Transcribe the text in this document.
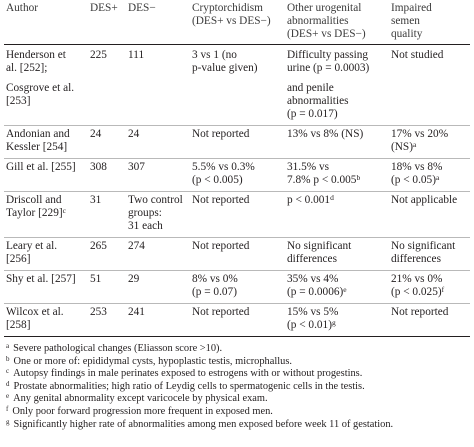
Author	DES+	DES−	Cryptorchidism
(DES+ vs DES−)	Other urogenital
abnormalities
(DES+ vs DES−)	Impaired
semen
quality

Henderson et
al. [252];
Cosgrove et al.
[253]	225	111	3 vs 1 (no
p-value given)	Difficulty passing
urine (p = 0.0003)
and penile
abnormalities
(p = 0.017)	Not studied

Andonian and
Kessler [254]	24	24	Not reported	13% vs 8% (NS)	17% vs 20%
(NS)$^a$

Gill et al. [255]	308	307	5.5% vs 0.3%
(p < 0.005)	31.5% vs
7.8% p < 0.005$^b$	18% vs 8%
(p < 0.05)$^a$

Driscoll and
Taylor $[229]^c$	31	Two control
groups:
31 each	Not reported	p < 0.001$^d$	Not applicable

Leary et al.
[256]	265	274	Not reported	No significant
differences	No significant
differences

Shy et al. [257]	51	29	8% vs 0%
(p = 0.07)	35% vs 4%
(p = 0.0006)$^e$	21% vs 0%
(p < 0.025)$^f$

Wilcox et al.
[258]	253	241	Not reported	15% vs 5%
(p < 0.01)$^g$	Not reported
$^a$ Severe pathological changes (Eliasson score >10).
$^b$ One or more of: epididymal cysts, hypoplastic testis, microphallus.
$^c$ Autopsy findings in male perinates exposed to estrogens with or without progestins.
$^d$ Prostate abnormalities; high ratio of Leydig cells to spermatogenic cells in the testis.
$^e$ Any genital abnormality except varicocele by physical exam.
$^f$ Only poor forward progression more frequent in exposed men.
$^g$ Significantly higher rate of abnormalities among men exposed before week 11 of gestation.
